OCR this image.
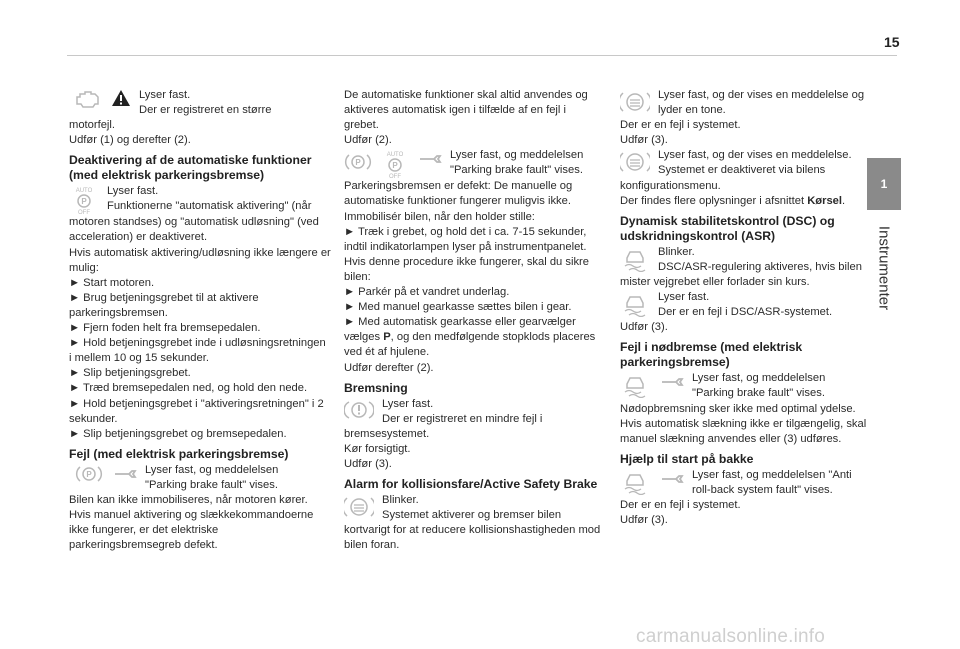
15
1
Instrumenter

Lyser fast.

Der er registreret en større

motorfejl.

Udfør (1) og derefter (2).

Deaktivering af de automatiske funktioner (med elektrisk parkeringsbremse)
AUTO
P
OFF

Lyser fast.

Funktionerne "automatisk aktivering" (når

motoren standses) og "automatisk udløsning" (ved acceleration) er deaktiveret.

Hvis automatisk aktivering/udløsning ikke længere er mulig:

► Start motoren.

► Brug betjeningsgrebet til at aktivere parkeringsbremsen.

► Fjern foden helt fra bremsepedalen.

► Hold betjeningsgrebet inde i udløsningsretningen i mellem 10 og 15 sekunder.

► Slip betjeningsgrebet.

► Træd bremsepedalen ned, og hold den nede.

► Hold betjeningsgrebet i "aktiveringsretningen" i 2 sekunder.

► Slip betjeningsgrebet og bremsepedalen.

Fejl (med elektrisk parkeringsbremse)
P	Lyser fast, og meddelelsen

"Parking brake fault" vises.

Bilen kan ikke immobiliseres, når motoren kører.

Hvis manuel aktivering og slækkekommandoerne ikke fungerer, er det elektriske parkeringsbremsegreb defekt.

De automatiske funktioner skal altid anvendes og aktiveres automatisk igen i tilfælde af en fejl i grebet.

Udfør (2).

P
AUTO
P
OFF

Lyser fast, og meddelelsen

"Parking brake fault" vises.

Parkeringsbremsen er defekt: De manuelle og automatiske funktioner fungerer muligvis ikke.

Immobilisér bilen, når den holder stille:

► Træk i grebet, og hold det i ca. 7-15 sekunder, indtil indikatorlampen lyser på instrumentpanelet.

Hvis denne procedure ikke fungerer, skal du sikre bilen:

► Parkér på et vandret underlag.

► Med manuel gearkasse sættes bilen i gear.

► Med automatisk gearkasse eller gearvælger vælges P, og den medfølgende stopklods placeres ved ét af hjulene.

Udfør derefter (2).

Bremsning

Lyser fast.

Der er registreret en mindre fejl i

bremsesystemet.

Kør forsigtigt.

Udfør (3).

Alarm for kollisionsfare/Active Safety Brake

Blinker.

Systemet aktiverer og bremser bilen

kortvarigt for at reducere kollisionshastigheden mod bilen foran.

Lyser fast, og der vises en meddelelse og

lyder en tone.

Der er en fejl i systemet.

Udfør (3).

Lyser fast, og der vises en meddelelse.

Systemet er deaktiveret via bilens

konfigurationsmenu.

Der findes flere oplysninger i afsnittet Kørsel.

Dynamisk stabilitetskontrol (DSC) og udskridningskontrol (ASR)

Blinker.

DSC/ASR-regulering aktiveres, hvis bilen

mister vejgrebet eller forlader sin kurs.

Lyser fast.

Der er en fejl i DSC/ASR-systemet.

Udfør (3).

Fejl i nødbremse (med elektrisk parkeringsbremse)

Lyser fast, og meddelelsen

"Parking brake fault" vises.

Nødopbremsning sker ikke med optimal ydelse.

Hvis automatisk slækning ikke er tilgængelig, skal manuel slækning anvendes eller (3) udføres.

Hjælp til start på bakke

Lyser fast, og meddelelsen "Anti

roll-back system fault" vises.

Der er en fejl i systemet.

Udfør (3).

carmanualsonline.info
